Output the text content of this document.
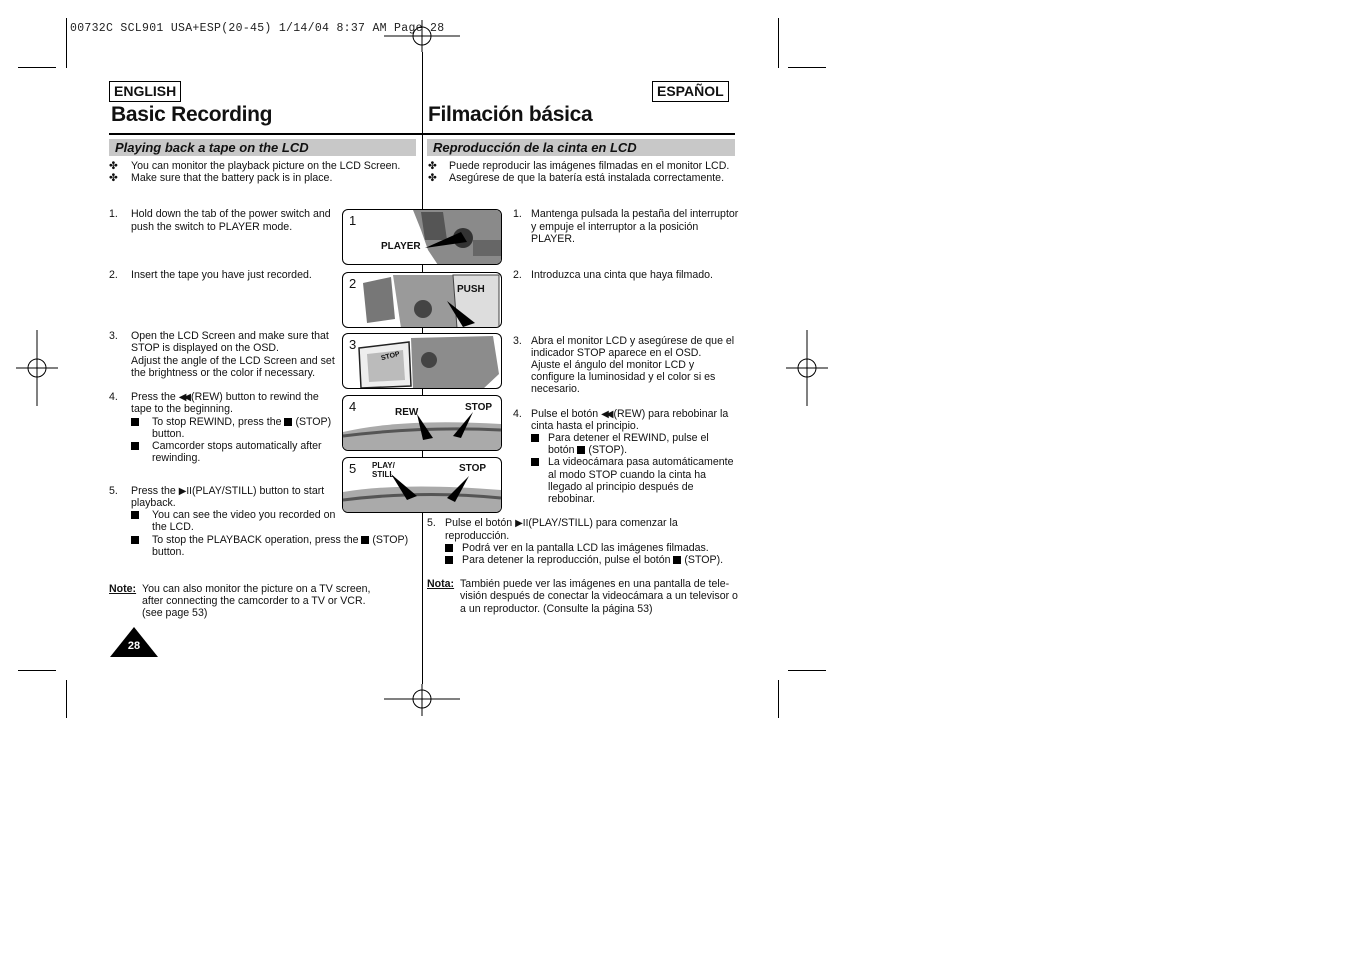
00732C SCL901 USA+ESP(20-45) 1/14/04 8:37 AM Page 28
ENGLISH	ESPAÑOL
Basic Recording	Filmación básica
Playing back a tape on the LCD	Reproducción de la cinta en LCD
✤ You can monitor the playback picture on the LCD Screen.
✤ Make sure that the battery pack is in place.
1. Hold down the tab of the power switch and
push the switch to PLAYER mode.
2. Insert the tape you have just recorded.
3. Open the LCD Screen and make sure that
STOP is displayed on the OSD.
Adjust the angle of the LCD Screen and set
the brightness or the color if necessary.
4. Press the ◀◀ (REW) button to rewind the
tape to the beginning.
To stop REWIND, press the (STOP)
button.
Camcorder stops automatically after
rewinding.
5. Press the ▶II(PLAY/STILL) button to start
playback.
You can see the video you recorded on
the LCD.
To stop the PLAYBACK operation, press the (STOP)
button.
Note: You can also monitor the picture on a TV screen,
after connecting the camcorder to a TV or VCR.
(see page 53)
28
1
PLAYER
2	PUSH
3
STOP
4	REW	STOP
5 PLAY/
STILL
STOP
✤ Puede reproducir las imágenes filmadas en el monitor LCD.
✤ Asegúrese de que la batería está instalada correctamente.
1. Mantenga pulsada la pestaña del interruptor
y empuje el interruptor a la posición
PLAYER.
2. Introduzca una cinta que haya filmado.
3. Abra el monitor LCD y asegúrese de que el
indicador STOP aparece en el OSD.
Ajuste el ángulo del monitor LCD y
configure la luminosidad y el color si es
necesario.
4. Pulse el botón ◀◀ (REW) para rebobinar la
cinta hasta el principio.
Para detener el REWIND, pulse el
botón (STOP).
La videocámara pasa automáticamente
al modo STOP cuando la cinta ha
llegado al principio después de
rebobinar.
5. Pulse el botón ▶II(PLAY/STILL) para comenzar la
reproducción.
Podrá ver en la pantalla LCD las imágenes filmadas.
Para detener la reproducción, pulse el botón (STOP).
Nota: También puede ver las imágenes en una pantalla de tele-
visión después de conectar la videocámara a un televisor o
a un reproductor. (Consulte la página 53)
